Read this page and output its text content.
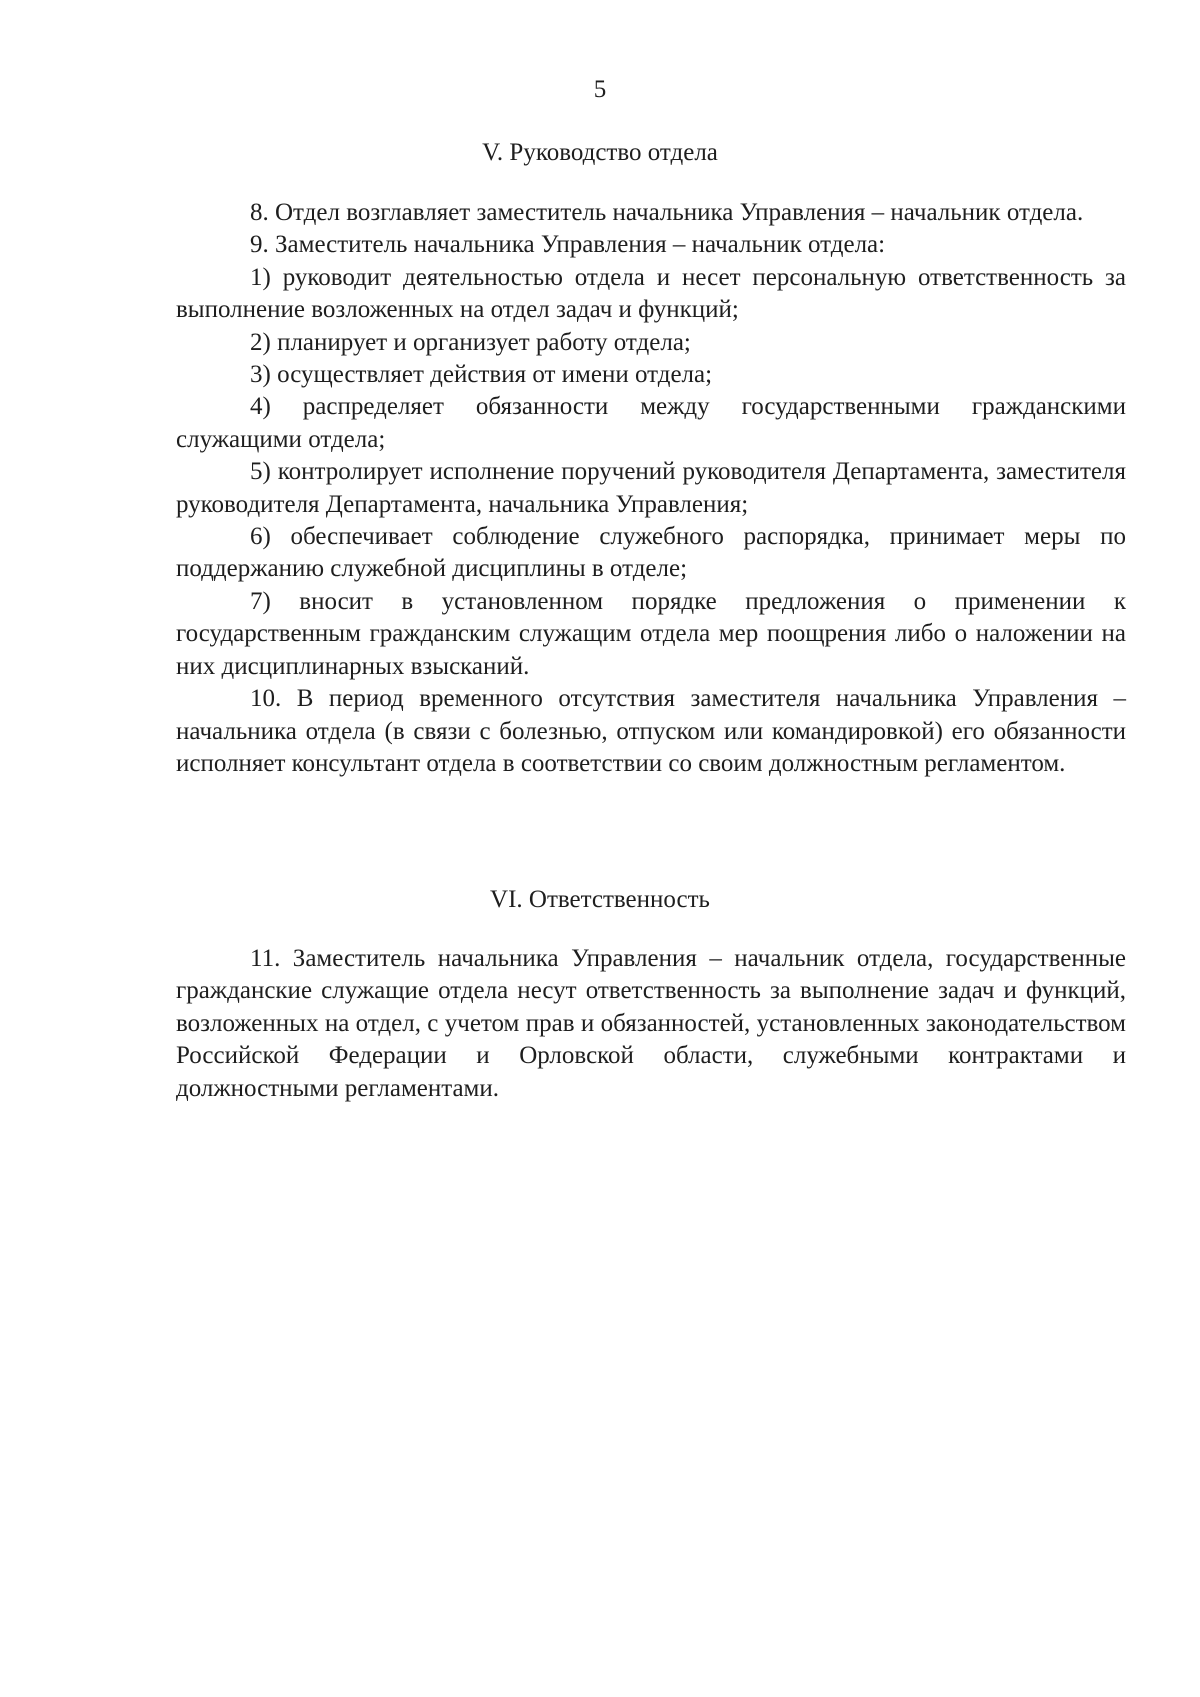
5
V. Руководство отдела

8. Отдел возглавляет заместитель начальника Управления – начальник отдела.

9. Заместитель начальника Управления – начальник отдела:

1) руководит деятельностью отдела и несет персональную ответственность за выполнение возложенных на отдел задач и функций;

2) планирует и организует работу отдела;

3) осуществляет действия от имени отдела;

4) распределяет обязанности между государственными гражданскими служащими отдела;

5) контролирует исполнение поручений руководителя Департамента, заместителя руководителя Департамента, начальника Управления;

6) обеспечивает соблюдение служебного распорядка, принимает меры по поддержанию служебной дисциплины в отделе;

7) вносит в установленном порядке предложения о применении к государственным гражданским служащим отдела мер поощрения либо о наложении на них дисциплинарных взысканий.

10. В период временного отсутствия заместителя начальника Управления – начальника отдела (в связи с болезнью, отпуском или командировкой) его обязанности исполняет консультант отдела в соответствии со своим должностным регламентом.

VI. Ответственность

11. Заместитель начальника Управления – начальник отдела, государственные гражданские служащие отдела несут ответственность за выполнение задач и функций, возложенных на отдел, с учетом прав и обязанностей, установленных законодательством Российской Федерации и Орловской области, служебными контрактами и должностными регламентами.
